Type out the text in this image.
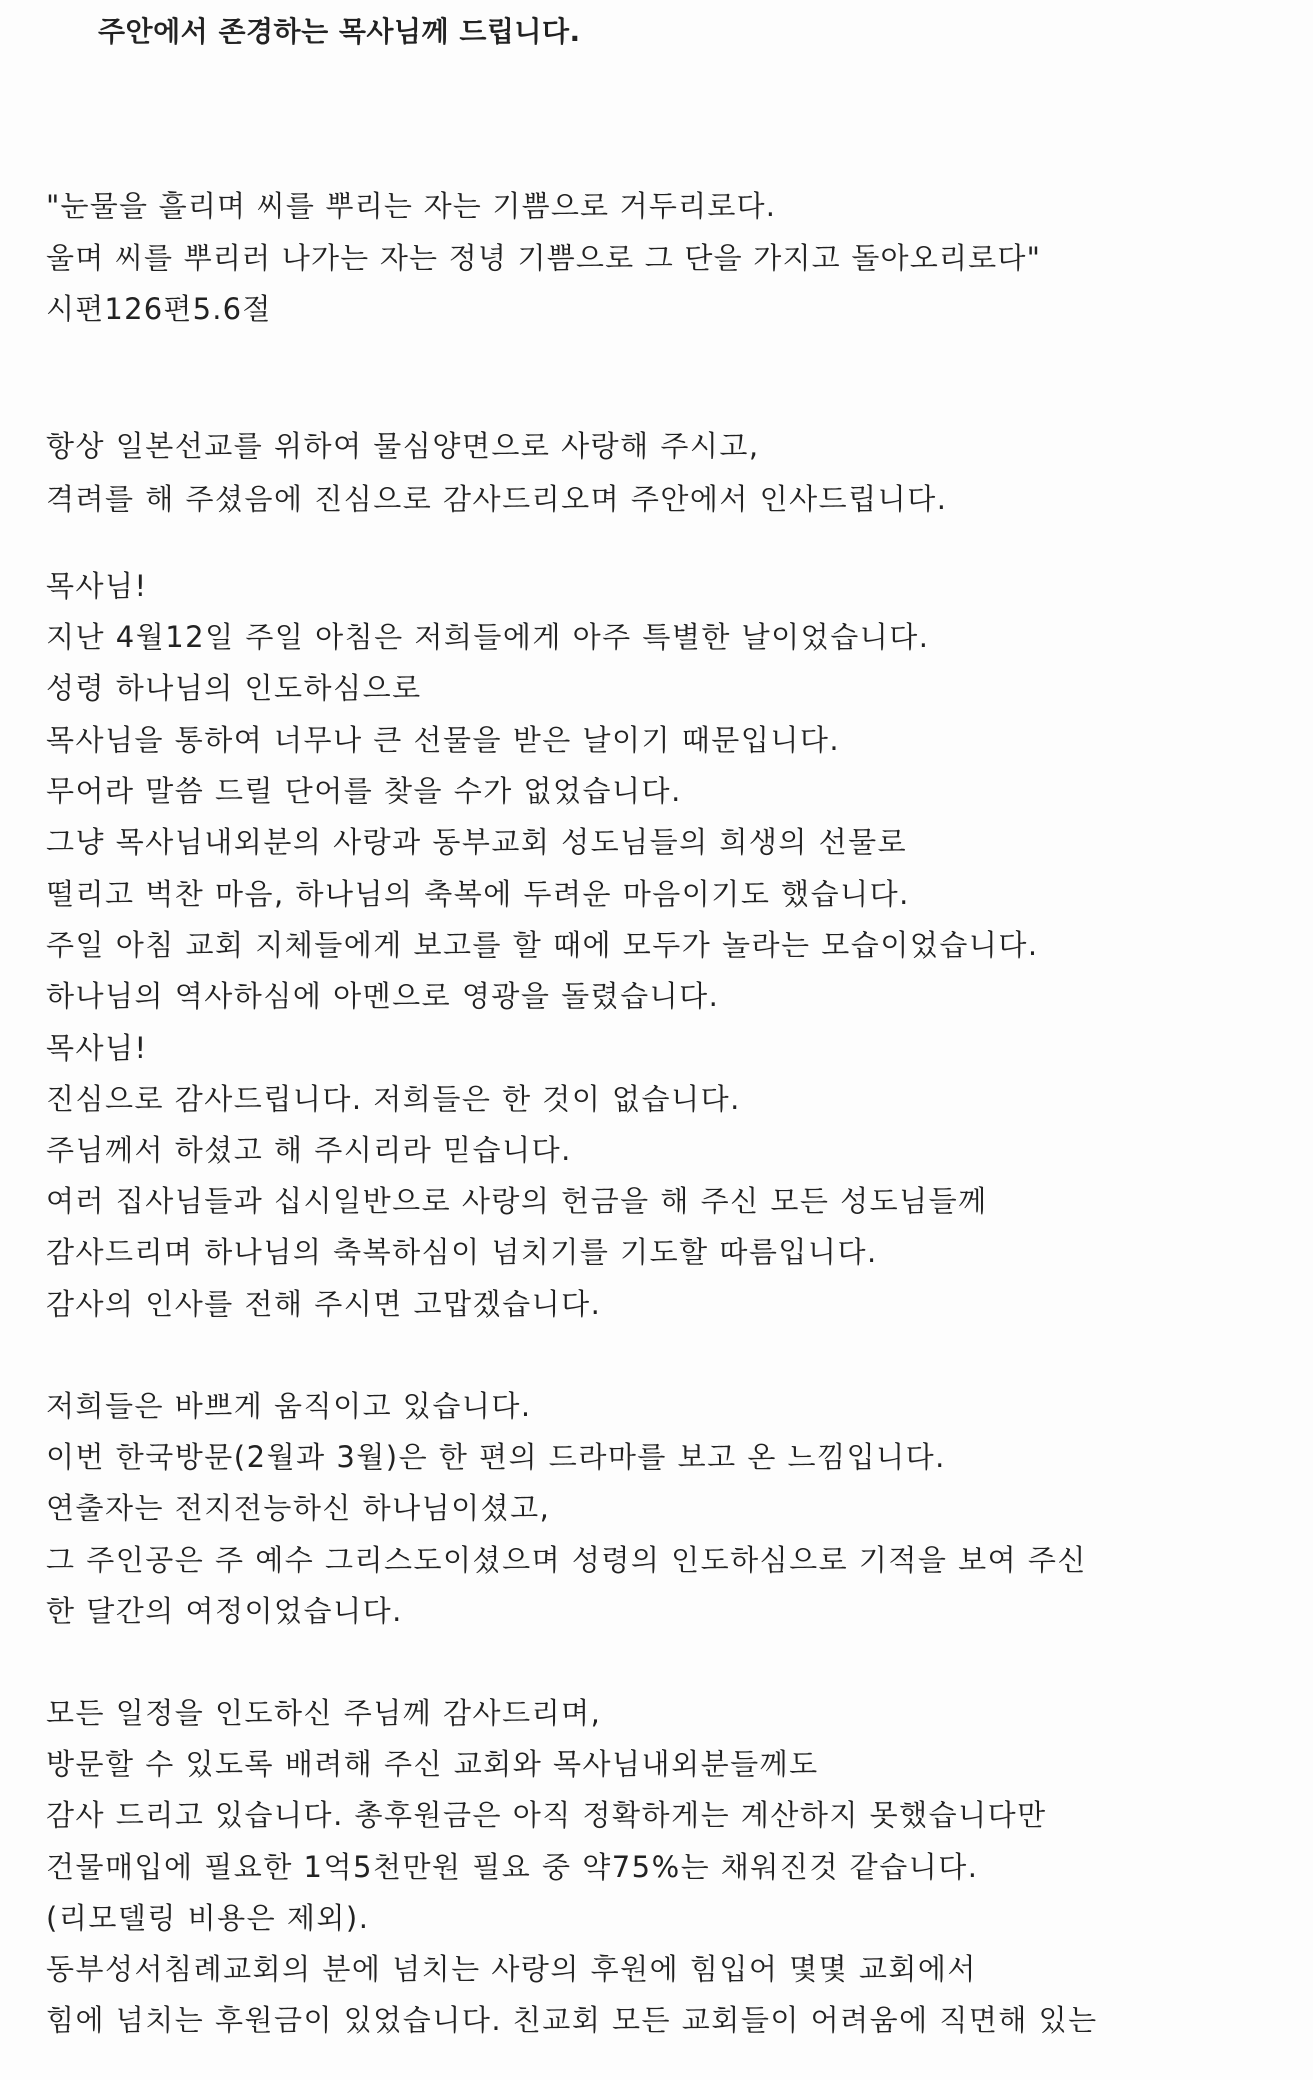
주안에서 존경하는 목사님께 드립니다.
"눈물을 흘리며 씨를 뿌리는 자는 기쁨으로 거두리로다.
울며 씨를 뿌리러 나가는 자는 정녕 기쁨으로 그 단을 가지고 돌아오리로다"
시편126편5.6절
항상 일본선교를 위하여 물심양면으로 사랑해 주시고,
격려를 해 주셨음에 진심으로 감사드리오며 주안에서 인사드립니다.
목사님!
지난 4월12일 주일 아침은 저희들에게 아주 특별한 날이었습니다.
성령 하나님의 인도하심으로
목사님을 통하여 너무나 큰 선물을 받은 날이기 때문입니다.
무어라 말씀 드릴 단어를 찾을 수가 없었습니다.
그냥 목사님내외분의 사랑과 동부교회 성도님들의 희생의 선물로
떨리고 벅찬 마음, 하나님의 축복에 두려운 마음이기도 했습니다.
주일 아침 교회 지체들에게 보고를 할 때에 모두가 놀라는 모습이었습니다.
하나님의 역사하심에 아멘으로 영광을 돌렸습니다.
목사님!
진심으로 감사드립니다. 저희들은 한 것이 없습니다.
주님께서 하셨고 해 주시리라 믿습니다.
여러 집사님들과 십시일반으로 사랑의 헌금을 해 주신 모든 성도님들께
감사드리며 하나님의 축복하심이 넘치기를 기도할 따름입니다.
감사의 인사를 전해 주시면 고맙겠습니다.
저희들은 바쁘게 움직이고 있습니다.
이번 한국방문(2월과 3월)은 한 편의 드라마를 보고 온 느낌입니다.
연출자는 전지전능하신 하나님이셨고,
그 주인공은 주 예수 그리스도이셨으며 성령의 인도하심으로 기적을 보여 주신
한 달간의 여정이었습니다.
모든 일정을 인도하신 주님께 감사드리며,
방문할 수 있도록 배려해 주신 교회와 목사님내외분들께도
감사 드리고 있습니다. 총후원금은 아직 정확하게는 계산하지 못했습니다만
건물매입에 필요한 1억5천만원 필요 중 약75%는 채워진것 같습니다.
(리모델링 비용은 제외).
동부성서침례교회의 분에 넘치는 사랑의 후원에 힘입어 몇몇 교회에서
힘에 넘치는 후원금이 있었습니다. 친교회 모든 교회들이 어려움에 직면해 있는
